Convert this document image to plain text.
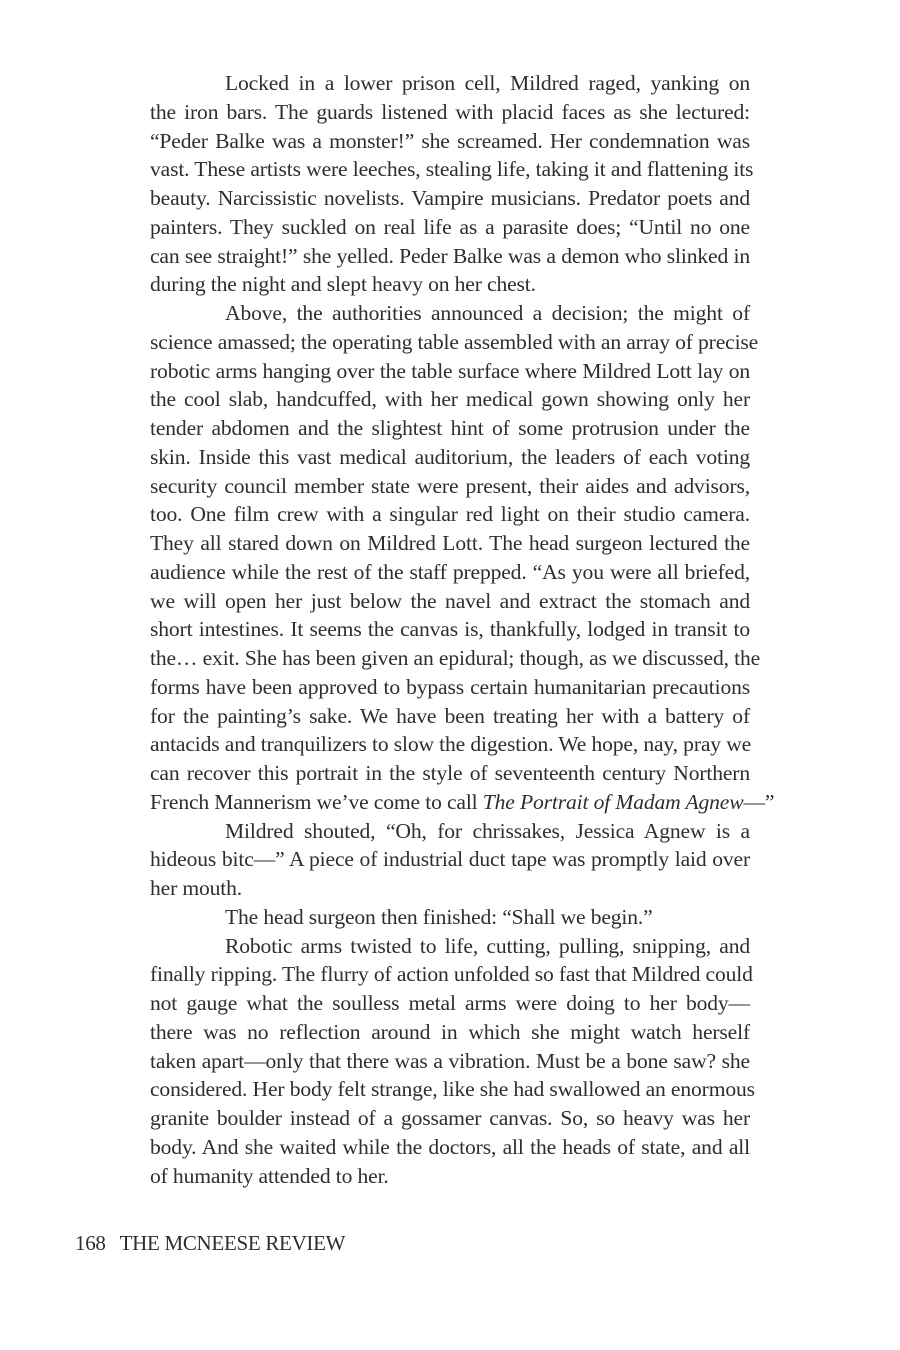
Locked in a lower prison cell, Mildred raged, yanking on
the iron bars. The guards listened with placid faces as she lectured:
“Peder Balke was a monster!” she screamed. Her condemnation was
vast. These artists were leeches, stealing life, taking it and flattening its
beauty. Narcissistic novelists. Vampire musicians. Predator poets and
painters. They suckled on real life as a parasite does; “Until no one
can see straight!” she yelled. Peder Balke was a demon who slinked in
during the night and slept heavy on her chest.
Above, the authorities announced a decision; the might of
science amassed; the operating table assembled with an array of precise
robotic arms hanging over the table surface where Mildred Lott lay on
the cool slab, handcuffed, with her medical gown showing only her
tender abdomen and the slightest hint of some protrusion under the
skin. Inside this vast medical auditorium, the leaders of each voting
security council member state were present, their aides and advisors,
too. One film crew with a singular red light on their studio camera.
They all stared down on Mildred Lott. The head surgeon lectured the
audience while the rest of the staff prepped. “As you were all briefed,
we will open her just below the navel and extract the stomach and
short intestines. It seems the canvas is, thankfully, lodged in transit to
the… exit. She has been given an epidural; though, as we discussed, the
forms have been approved to bypass certain humanitarian precautions
for the painting’s sake. We have been treating her with a battery of
antacids and tranquilizers to slow the digestion. We hope, nay, pray we
can recover this portrait in the style of seventeenth century Northern
French Mannerism we’ve come to call The Portrait of Madam Agnew—”
Mildred shouted, “Oh, for chrissakes, Jessica Agnew is a
hideous bitc—” A piece of industrial duct tape was promptly laid over
her mouth.
The head surgeon then finished: “Shall we begin.”
Robotic arms twisted to life, cutting, pulling, snipping, and
finally ripping. The flurry of action unfolded so fast that Mildred could
not gauge what the soulless metal arms were doing to her body—
there was no reflection around in which she might watch herself
taken apart—only that there was a vibration. Must be a bone saw? she
considered. Her body felt strange, like she had swallowed an enormous
granite boulder instead of a gossamer canvas. So, so heavy was her
body. And she waited while the doctors, all the heads of state, and all
of humanity attended to her.
168 THE MCNEESE REVIEW
